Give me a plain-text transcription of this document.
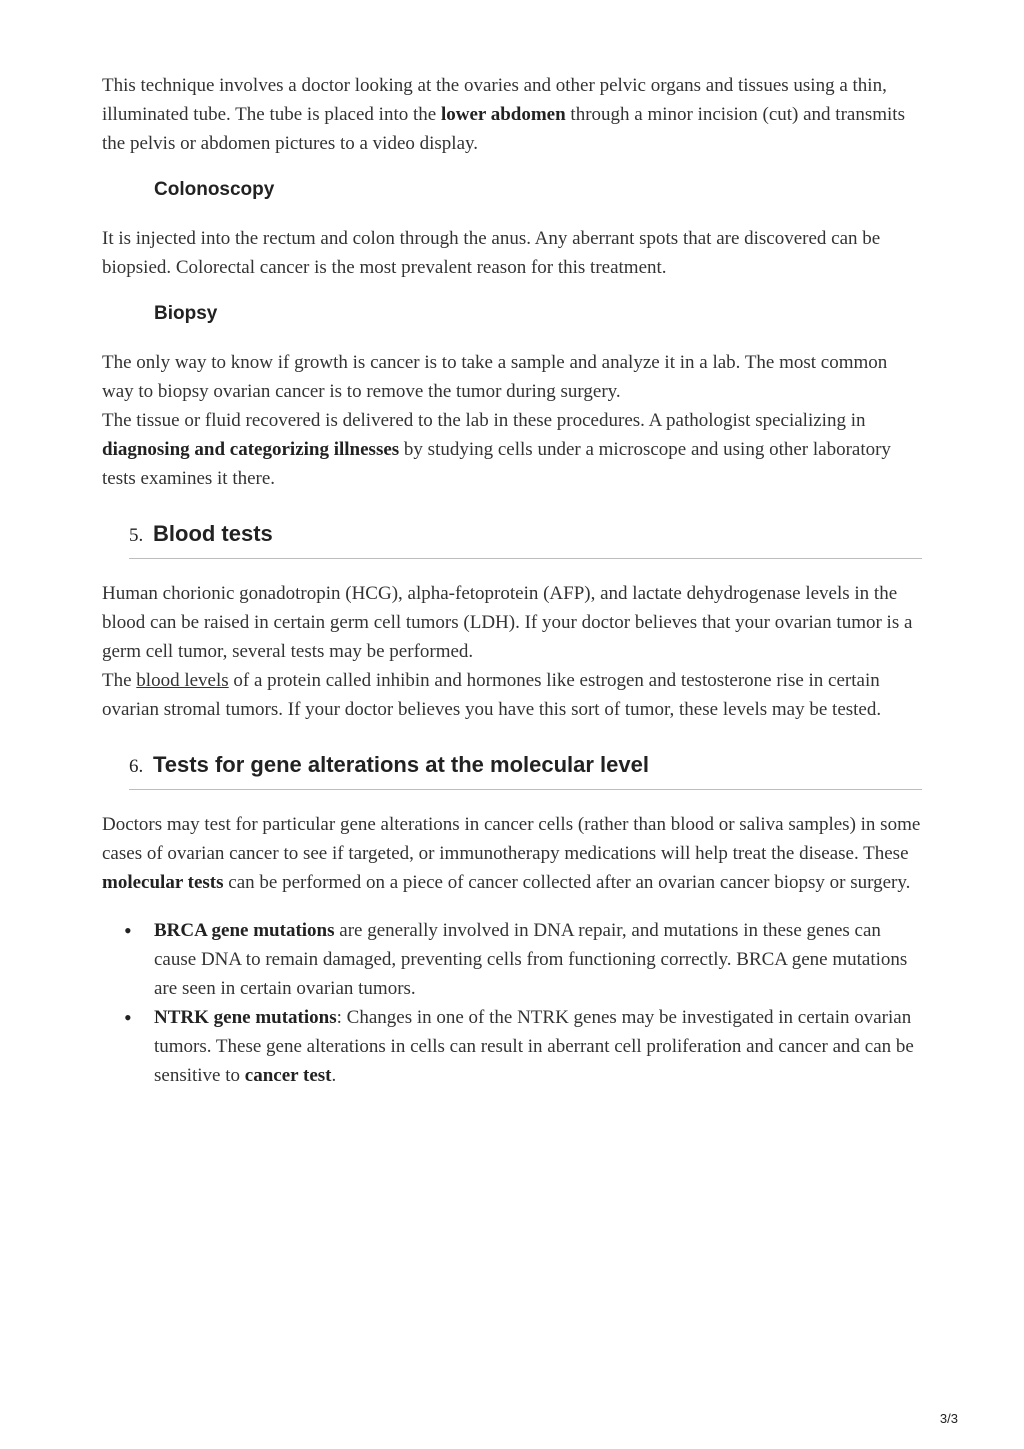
This technique involves a doctor looking at the ovaries and other pelvic organs and tissues using a thin, illuminated tube. The tube is placed into the lower abdomen through a minor incision (cut) and transmits the pelvis or abdomen pictures to a video display.

Colonoscopy

It is injected into the rectum and colon through the anus. Any aberrant spots that are discovered can be biopsied. Colorectal cancer is the most prevalent reason for this treatment.

Biopsy

The only way to know if growth is cancer is to take a sample and analyze it in a lab. The most common way to biopsy ovarian cancer is to remove the tumor during surgery.
The tissue or fluid recovered is delivered to the lab in these procedures. A pathologist specializing in diagnosing and categorizing illnesses by studying cells under a microscope and using other laboratory tests examines it there.

5. Blood tests

Human chorionic gonadotropin (HCG), alpha-fetoprotein (AFP), and lactate dehydrogenase levels in the blood can be raised in certain germ cell tumors (LDH). If your doctor believes that your ovarian tumor is a germ cell tumor, several tests may be performed.
The blood levels of a protein called inhibin and hormones like estrogen and testosterone rise in certain ovarian stromal tumors. If your doctor believes you have this sort of tumor, these levels may be tested.

6. Tests for gene alterations at the molecular level

Doctors may test for particular gene alterations in cancer cells (rather than blood or saliva samples) in some cases of ovarian cancer to see if targeted, or immunotherapy medications will help treat the disease. These molecular tests can be performed on a piece of cancer collected after an ovarian cancer biopsy or surgery.

• BRCA gene mutations are generally involved in DNA repair, and mutations in these genes can cause DNA to remain damaged, preventing cells from functioning correctly. BRCA gene mutations are seen in certain ovarian tumors.
• NTRK gene mutations: Changes in one of the NTRK genes may be investigated in certain ovarian tumors. These gene alterations in cells can result in aberrant cell proliferation and cancer and can be sensitive to cancer test.
3/3
